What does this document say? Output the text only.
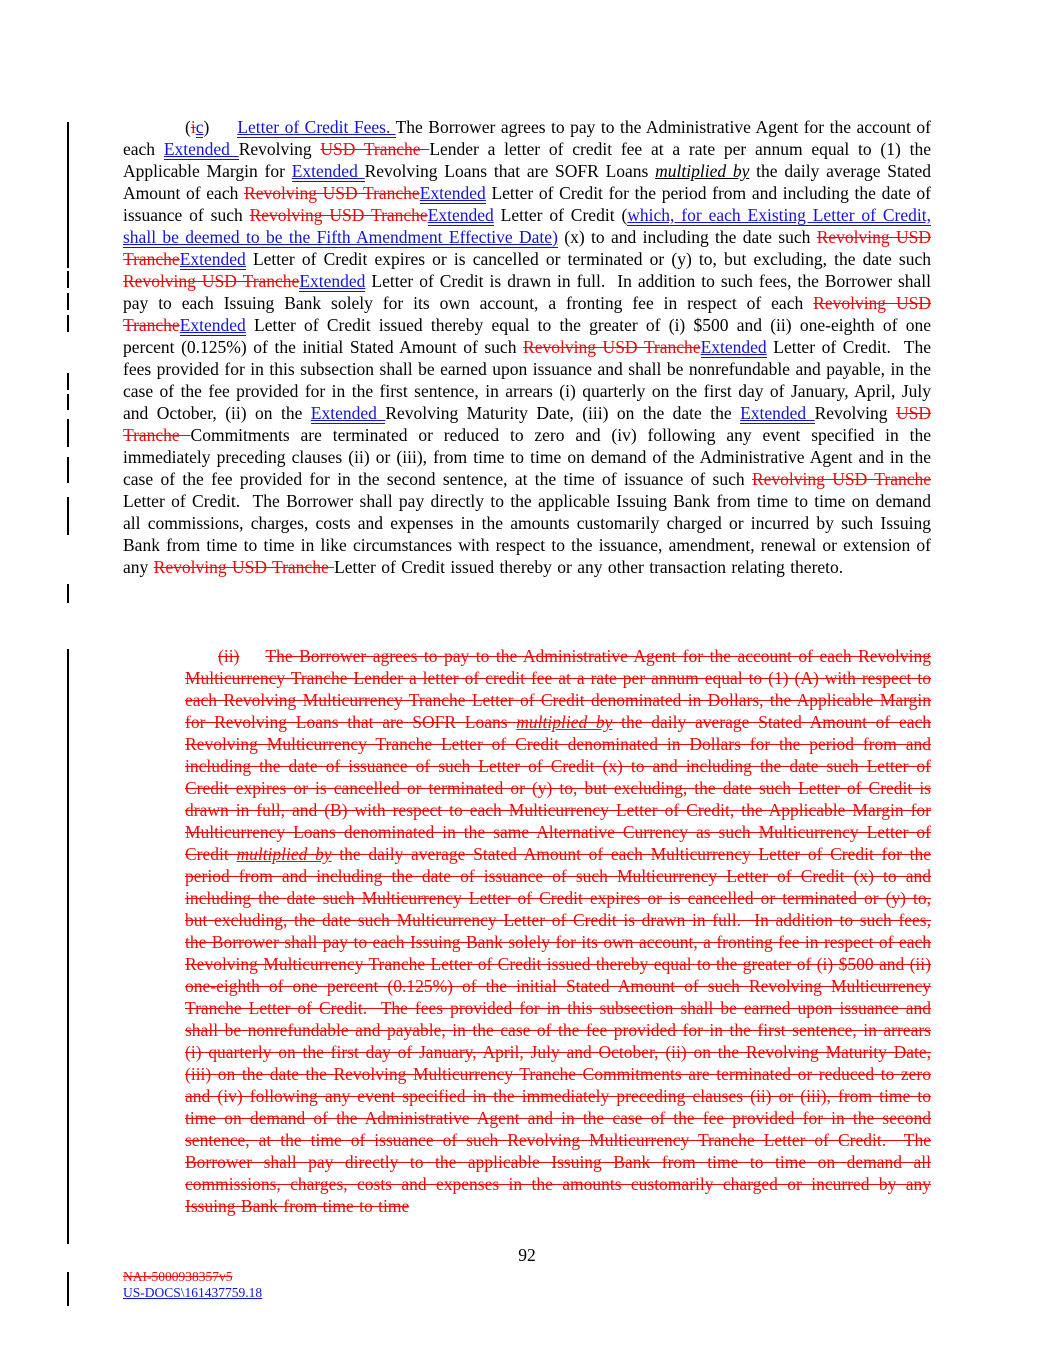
(ic) Letter of Credit Fees. The Borrower agrees to pay to the Administrative Agent for the account of each Extended Revolving USD Tranche Lender a letter of credit fee at a rate per annum equal to (1) the Applicable Margin for Extended Revolving Loans that are SOFR Loans multiplied by the daily average Stated Amount of each Revolving USD TrancheExtended Letter of Credit for the period from and including the date of issuance of such Revolving USD TrancheExtended Letter of Credit (which, for each Existing Letter of Credit, shall be deemed to be the Fifth Amendment Effective Date) (x) to and including the date such Revolving USD TrancheExtended Letter of Credit expires or is cancelled or terminated or (y) to, but excluding, the date such Revolving USD TrancheExtended Letter of Credit is drawn in full.  In addition to such fees, the Borrower shall pay to each Issuing Bank solely for its own account, a fronting fee in respect of each Revolving USD TrancheExtended Letter of Credit issued thereby equal to the greater of (i) $500 and (ii) one-eighth of one percent (0.125%) of the initial Stated Amount of such Revolving USD TrancheExtended Letter of Credit.  The fees provided for in this subsection shall be earned upon issuance and shall be nonrefundable and payable, in the case of the fee provided for in the first sentence, in arrears (i) quarterly on the first day of January, April, July and October, (ii) on the Extended Revolving Maturity Date, (iii) on the date the Extended Revolving USD Tranche Commitments are terminated or reduced to zero and (iv) following any event specified in the immediately preceding clauses (ii) or (iii), from time to time on demand of the Administrative Agent and in the case of the fee provided for in the second sentence, at the time of issuance of such Revolving USD Tranche Letter of Credit.  The Borrower shall pay directly to the applicable Issuing Bank from time to time on demand all commissions, charges, costs and expenses in the amounts customarily charged or incurred by such Issuing Bank from time to time in like circumstances with respect to the issuance, amendment, renewal or extension of any Revolving USD Tranche Letter of Credit issued thereby or any other transaction relating thereto.
(ii) The Borrower agrees to pay to the Administrative Agent for the account of each Revolving Multicurrency Tranche Lender a letter of credit fee at a rate per annum equal to (1) (A) with respect to each Revolving Multicurrency Tranche Letter of Credit denominated in Dollars, the Applicable Margin for Revolving Loans that are SOFR Loans multiplied by the daily average Stated Amount of each Revolving Multicurrency Tranche Letter of Credit denominated in Dollars for the period from and including the date of issuance of such Letter of Credit (x) to and including the date such Letter of Credit expires or is cancelled or terminated or (y) to, but excluding, the date such Letter of Credit is drawn in full, and (B) with respect to each Multicurrency Letter of Credit, the Applicable Margin for Multicurrency Loans denominated in the same Alternative Currency as such Multicurrency Letter of Credit multiplied by the daily average Stated Amount of each Multicurrency Letter of Credit for the period from and including the date of issuance of such Multicurrency Letter of Credit (x) to and including the date such Multicurrency Letter of Credit expires or is cancelled or terminated or (y) to, but excluding, the date such Multicurrency Letter of Credit is drawn in full.  In addition to such fees, the Borrower shall pay to each Issuing Bank solely for its own account, a fronting fee in respect of each Revolving Multicurrency Tranche Letter of Credit issued thereby equal to the greater of (i) $500 and (ii) one-eighth of one percent (0.125%) of the initial Stated Amount of such Revolving Multicurrency Tranche Letter of Credit.  The fees provided for in this subsection shall be earned upon issuance and shall be nonrefundable and payable, in the case of the fee provided for in the first sentence, in arrears (i) quarterly on the first day of January, April, July and October, (ii) on the Revolving Maturity Date, (iii) on the date the Revolving Multicurrency Tranche Commitments are terminated or reduced to zero and (iv) following any event specified in the immediately preceding clauses (ii) or (iii), from time to time on demand of the Administrative Agent and in the case of the fee provided for in the second sentence, at the time of issuance of such Revolving Multicurrency Tranche Letter of Credit.  The Borrower shall pay directly to the applicable Issuing Bank from time to time on demand all commissions, charges, costs and expenses in the amounts customarily charged or incurred by any Issuing Bank from time to time
92
NAI-5000938357v5
US-DOCS\161437759.18
